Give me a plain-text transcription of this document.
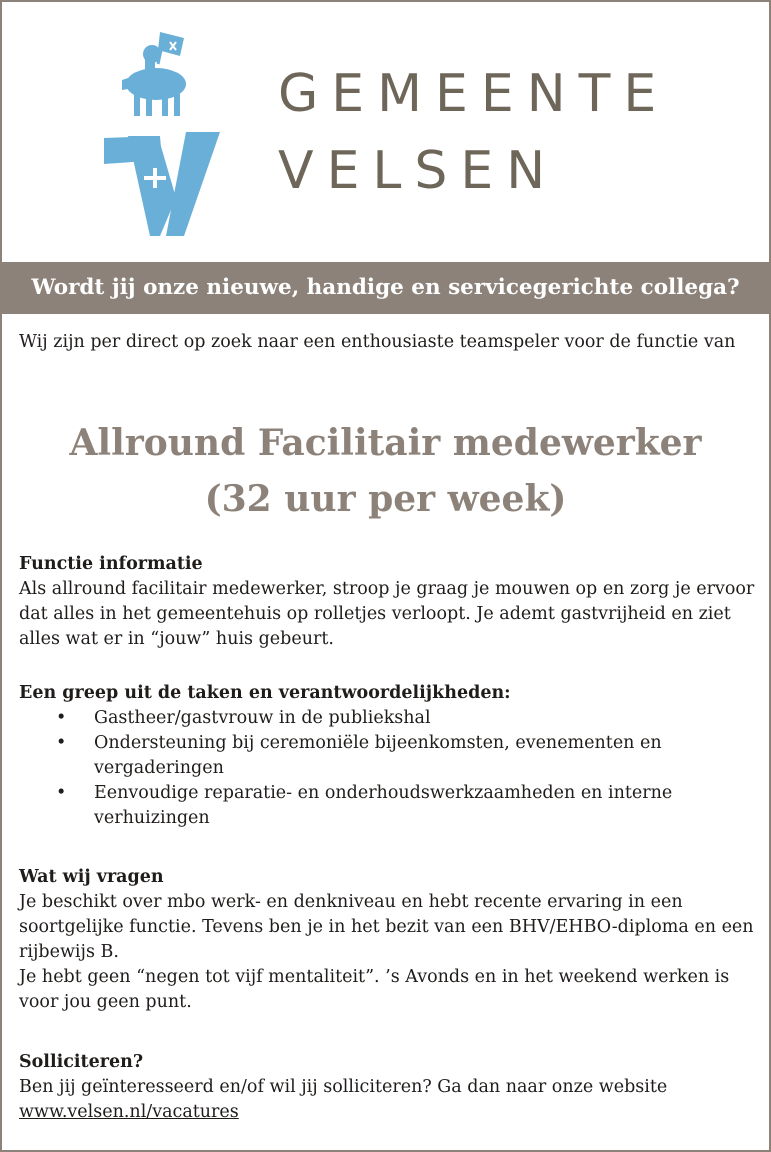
GEMEENTE
VELSEN
Wordt jij onze nieuwe, handige en servicegerichte collega?
Wij zijn per direct op zoek naar een enthousiaste teamspeler voor de functie van
Allround Facilitair medewerker
(32 uur per week)
Functie informatie

Als allround facilitair medewerker, stroop je graag je mouwen op en zorg je ervoor dat alles in het gemeentehuis op rolletjes verloopt. Je ademt gastvrijheid en ziet alles wat er in “jouw” huis gebeurt.

Een greep uit de taken en verantwoordelijkheden:
• Gastheer/gastvrouw in de publiekshal
• Ondersteuning bij ceremoniële bijeenkomsten, evenementen en vergaderingen
• Eenvoudige reparatie- en onderhoudswerkzaamheden en interne verhuizingen
Wat wij vragen

Je beschikt over mbo werk- en denkniveau en hebt recente ervaring in een soortgelijke functie. Tevens ben je in het bezit van een BHV/EHBO-diploma en een rijbewijs B.

Je hebt geen “negen tot vijf mentaliteit”. ’s Avonds en in het weekend werken is voor jou geen punt.

Solliciteren?

Ben jij geïnteresseerd en/of wil jij solliciteren? Ga dan naar onze website

www.velsen.nl/vacatures
